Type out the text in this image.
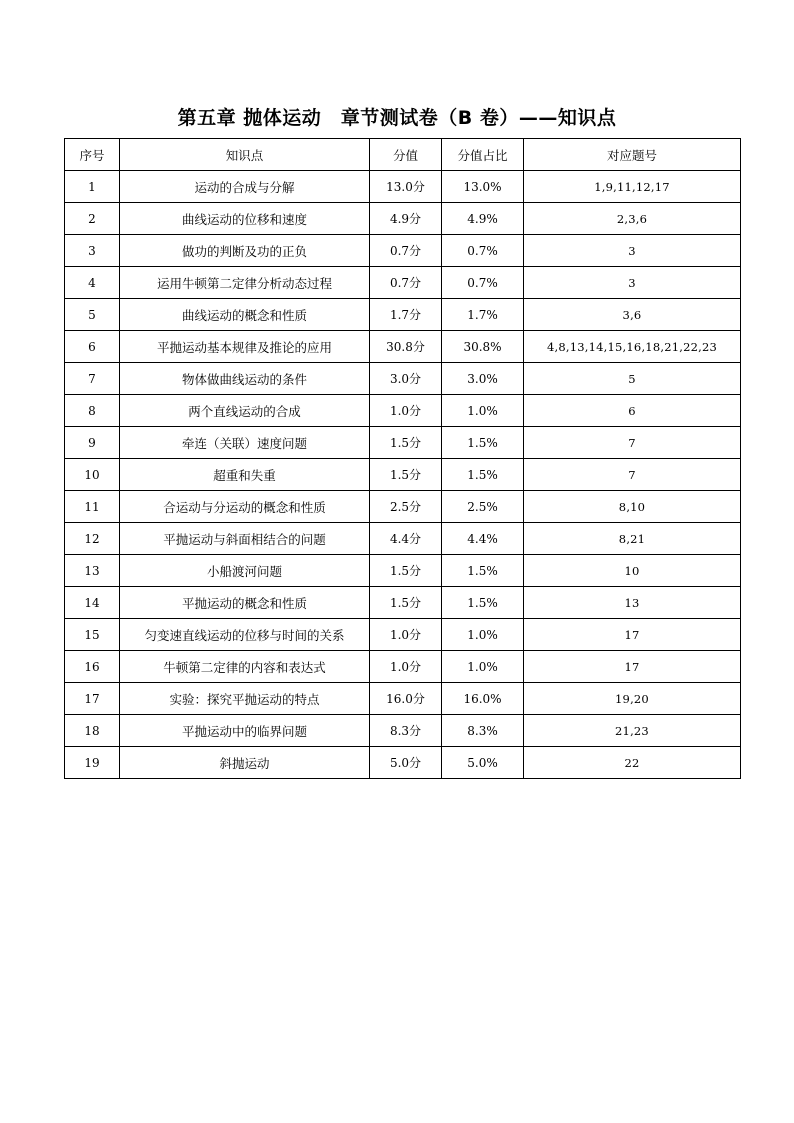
第五章 抛体运动　章节测试卷（B 卷）——知识点
序号	知识点	分值	分值占比	对应题号
1	运动的合成与分解	13.0分	13.0%	1,9,11,12,17
2	曲线运动的位移和速度	4.9分	4.9%	2,3,6
3	做功的判断及功的正负	0.7分	0.7%	3
4	运用牛顿第二定律分析动态过程	0.7分	0.7%	3
5	曲线运动的概念和性质	1.7分	1.7%	3,6
6	平抛运动基本规律及推论的应用	30.8分	30.8%	4,8,13,14,15,16,18,21,22,23
7	物体做曲线运动的条件	3.0分	3.0%	5
8	两个直线运动的合成	1.0分	1.0%	6
9	牵连（关联）速度问题	1.5分	1.5%	7
10	超重和失重	1.5分	1.5%	7
11	合运动与分运动的概念和性质	2.5分	2.5%	8,10
12	平抛运动与斜面相结合的问题	4.4分	4.4%	8,21
13	小船渡河问题	1.5分	1.5%	10
14	平抛运动的概念和性质	1.5分	1.5%	13
15	匀变速直线运动的位移与时间的关系	1.0分	1.0%	17
16	牛顿第二定律的内容和表达式	1.0分	1.0%	17
17	实验：探究平抛运动的特点	16.0分	16.0%	19,20
18	平抛运动中的临界问题	8.3分	8.3%	21,23
19	斜抛运动	5.0分	5.0%	22
